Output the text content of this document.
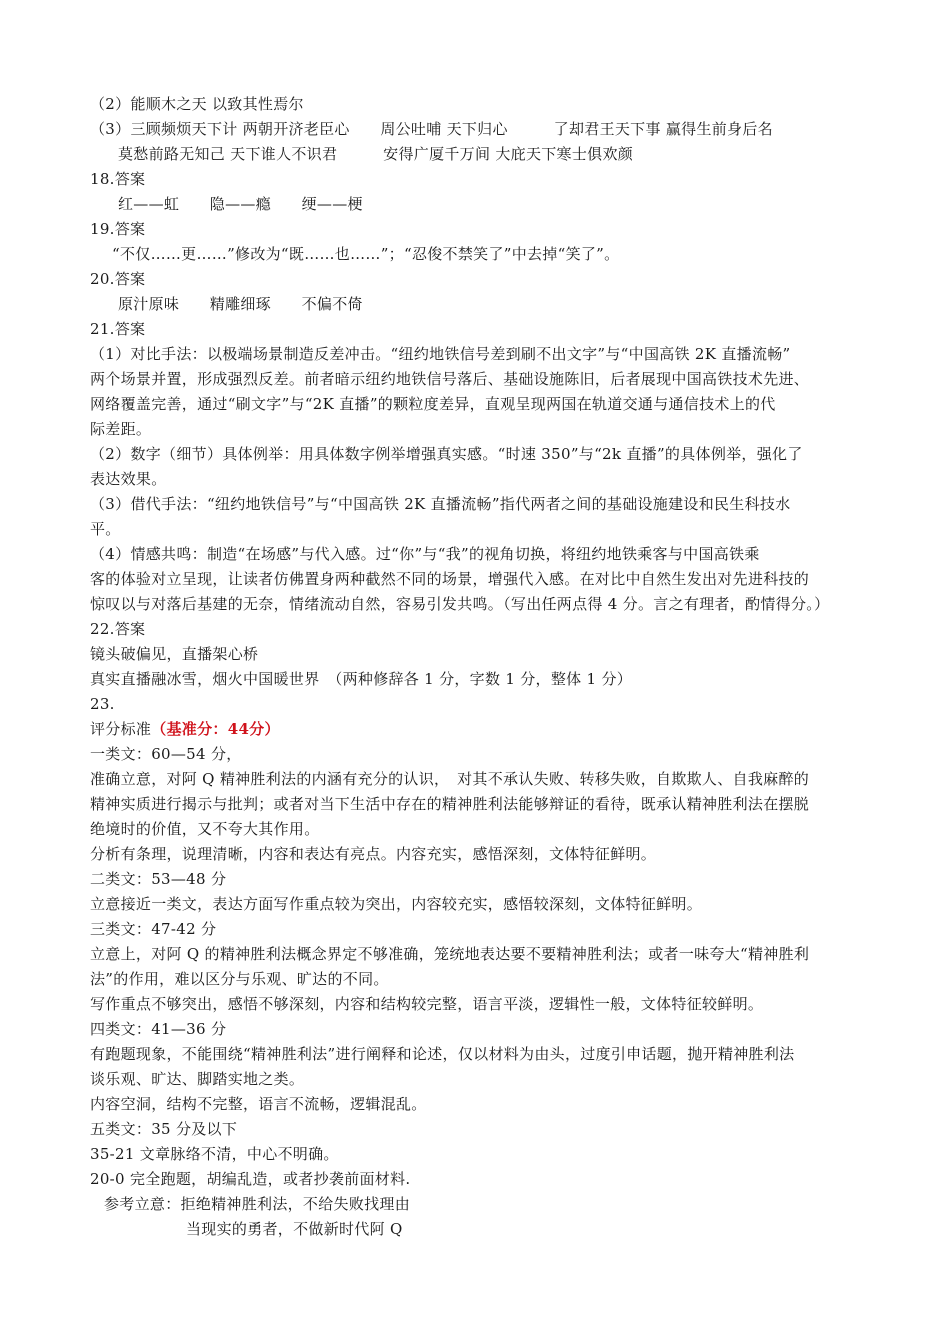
（2）能顺木之天 以致其性焉尔
（3）三顾频烦天下计 两朝开济老臣心　　周公吐哺 天下归心　　　了却君王天下事 赢得生前身后名
莫愁前路无知己 天下谁人不识君　　　安得广厦千万间 大庇天下寒士俱欢颜
18.答案
红——虹　　隐——瘾　　绠——梗
19.答案
“不仅……更……”修改为“既……也……”；“忍俊不禁笑了”中去掉“笑了”。
20.答案
原汁原味　　精雕细琢　　不偏不倚
21.答案
（1）对比手法：以极端场景制造反差冲击。“纽约地铁信号差到刷不出文字”与“中国高铁 2K 直播流畅”
两个场景并置，形成强烈反差。前者暗示纽约地铁信号落后、基础设施陈旧，后者展现中国高铁技术先进、
网络覆盖完善，通过“刷文字”与“2K 直播”的颗粒度差异，直观呈现两国在轨道交通与通信技术上的代
际差距。
（2）数字（细节）具体例举：用具体数字例举增强真实感。“时速 350”与“2k 直播”的具体例举，强化了
表达效果。
（3）借代手法：“纽约地铁信号”与“中国高铁 2K 直播流畅”指代两者之间的基础设施建设和民生科技水
平。
（4）情感共鸣：制造“在场感”与代入感。过“你”与“我”的视角切换，将纽约地铁乘客与中国高铁乘
客的体验对立呈现，让读者仿佛置身两种截然不同的场景，增强代入感。在对比中自然生发出对先进科技的
惊叹以与对落后基建的无奈，情绪流动自然，容易引发共鸣。（写出任两点得 4 分。言之有理者，酌情得分。）
22.答案
镜头破偏见，直播架心桥
真实直播融冰雪，烟火中国暖世界　（两种修辞各 1 分，字数 1 分，整体 1 分）
23.
评分标准（基准分：44分）
一类文：60—54 分，
准确立意，对阿 Q 精神胜利法的内涵有充分的认识，　对其不承认失败、转移失败，自欺欺人、自我麻醉的
精神实质进行揭示与批判；或者对当下生活中存在的精神胜利法能够辩证的看待，既承认精神胜利法在摆脱
绝境时的价值，又不夸大其作用。
分析有条理，说理清晰，内容和表达有亮点。内容充实，感悟深刻，文体特征鲜明。
二类文：53—48 分
立意接近一类文，表达方面写作重点较为突出，内容较充实，感悟较深刻，文体特征鲜明。
三类文：47-42 分
立意上，对阿 Q 的精神胜利法概念界定不够准确，笼统地表达要不要精神胜利法；或者一味夸大“精神胜利
法”的作用，难以区分与乐观、旷达的不同。
写作重点不够突出，感悟不够深刻，内容和结构较完整，语言平淡，逻辑性一般，文体特征较鲜明。
四类文：41—36 分
有跑题现象，不能围绕“精神胜利法”进行阐释和论述，仅以材料为由头，过度引申话题，抛开精神胜利法
谈乐观、旷达、脚踏实地之类。
内容空洞，结构不完整，语言不流畅，逻辑混乱。
五类文：35 分及以下
35-21 文章脉络不清，中心不明确。
20-0 完全跑题，胡编乱造，或者抄袭前面材料.
参考立意：拒绝精神胜利法，不给失败找理由
当现实的勇者，不做新时代阿 Q
